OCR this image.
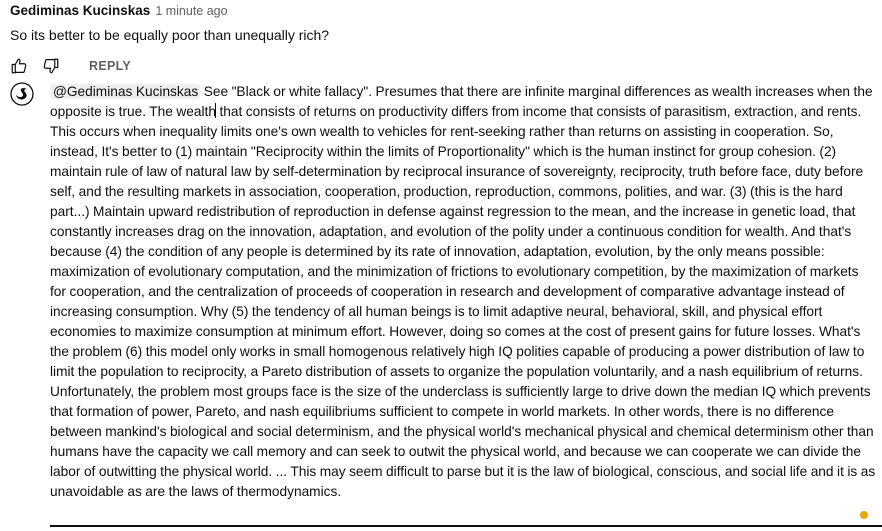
Gediminas Kucinskas 1 minute ago
So its better to be equally poor than unequally rich?
REPLY
@Gediminas Kucinskas See "Black or white fallacy". Presumes that there are infinite marginal differences as wealth increases when the opposite is true. The wealth that consists of returns on productivity differs from income that consists of parasitism, extraction, and rents. This occurs when inequality limits one's own wealth to vehicles for rent-seeking rather than returns on assisting in cooperation. So, instead, It's better to (1) maintain "Reciprocity within the limits of Proportionality" which is the human instinct for group cohesion. (2) maintain rule of law of natural law by self-determination by reciprocal insurance of sovereignty, reciprocity, truth before face, duty before self, and the resulting markets in association, cooperation, production, reproduction, commons, polities, and war. (3) (this is the hard part...) Maintain upward redistribution of reproduction in defense against regression to the mean, and the increase in genetic load, that constantly increases drag on the innovation, adaptation, and evolution of the polity under a continuous condition for wealth. And that's because (4) the condition of any people is determined by its rate of innovation, adaptation, evolution, by the only means possible: maximization of evolutionary computation, and the minimization of frictions to evolutionary competition, by the maximization of markets for cooperation, and the centralization of proceeds of cooperation in research and development of comparative advantage instead of increasing consumption. Why (5) the tendency of all human beings is to limit adaptive neural, behavioral, skill, and physical effort economies to maximize consumption at minimum effort. However, doing so comes at the cost of present gains for future losses. What's the problem (6) this model only works in small homogenous relatively high IQ polities capable of producing a power distribution of law to limit the population to reciprocity, a Pareto distribution of assets to organize the population voluntarily, and a nash equilibrium of returns. Unfortunately, the problem most groups face is the size of the underclass is sufficiently large to drive down the median IQ which prevents that formation of power, Pareto, and nash equilibriums sufficient to compete in world markets. In other words, there is no difference between mankind's biological and social determinism, and the physical world's mechanical physical and chemical determinism other than humans have the capacity we call memory and can seek to outwit the physical world, and because we can cooperate we can divide the labor of outwitting the physical world. ... This may seem difficult to parse but it is the law of biological, conscious, and social life and it is as unavoidable as are the laws of thermodynamics.
